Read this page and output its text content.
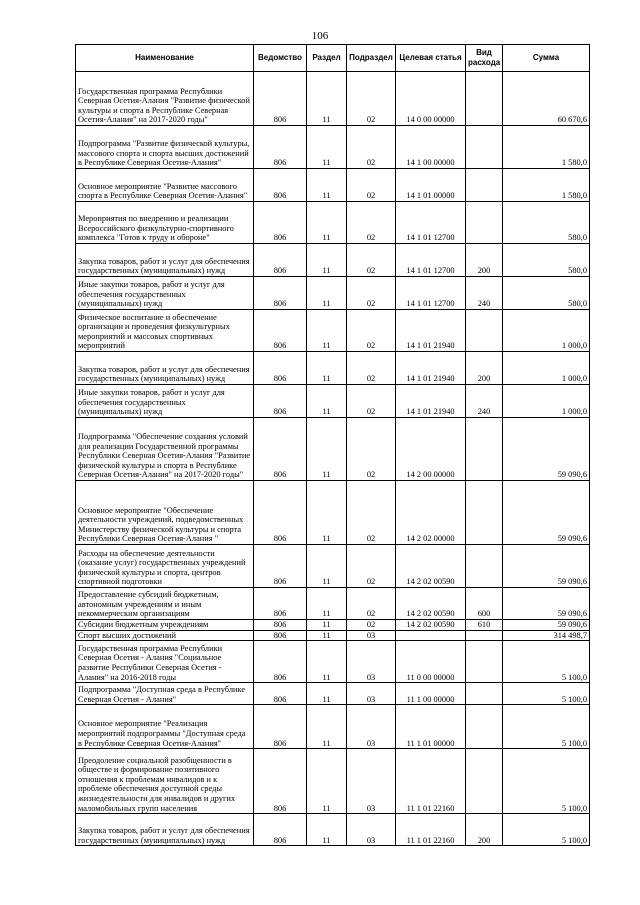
106
Наименование	Ведомство	Раздел	Подраздел	Целевая статья	Вид расхода	Сумма
Государственная программа Республики Северная Осетия-Алания "Развитие физической культуры и спорта в Республике Северная Осетия-Алания" на 2017-2020 годы"	806	11	02	14 0 00 00000		60 670,6
Подпрограмма "Развитие физической культуры, массового спорта и спорта высших достижений в Республике Северная Осетия-Алания"	806	11	02	14 1 00 00000		1 580,0
Основное мероприятие "Развитие массового спорта в Республике Северная Осетия-Алания"	806	11	02	14 1 01 00000		1 580,0
Мероприятия по внедрению и реализации Всероссийского физкультурно-спортивного комплекса "Готов к труду и обороне"	806	11	02	14 1 01 12700		580,0
Закупка товаров, работ и услуг для обеспечения государственных (муниципальных) нужд	806	11	02	14 1 01 12700	200	580,0
Иные закупки товаров, работ и услуг для обеспечения государственных (муниципальных) нужд	806	11	02	14 1 01 12700	240	580,0
Физическое воспитание и обеспечение организации и проведения физкультурных мероприятий и массовых спортивных мероприятий	806	11	02	14 1 01 21940		1 000,0
Закупка товаров, работ и услуг для обеспечения государственных (муниципальных) нужд	806	11	02	14 1 01 21940	200	1 000,0
Иные закупки товаров, работ и услуг для обеспечения государственных (муниципальных) нужд	806	11	02	14 1 01 21940	240	1 000,0
Подпрограмма "Обеспечение создания условий для реализации Государственной программы Республики Северная Осетия-Алания "Развитие физической культуры и спорта в Республике Северная Осетия-Алания" на 2017-2020 годы"	806	11	02	14 2 00 00000		59 090,6
Основное мероприятие "Обеспечение деятельности учреждений, подведомственных Министерству физической культуры и спорта Республики Северная Осетия-Алания "	806	11	02	14 2 02 00000		59 090,6
Расходы на обеспечение деятельности (оказание услуг) государственных учреждений физической культуры и спорта, центров спортивной подготовки	806	11	02	14 2 02 00590		59 090,6
Предоставление субсидий бюджетным, автономным учреждениям и иным некоммерческим организациям	806	11	02	14 2 02 00590	600	59 090,6
Субсидии бюджетным учреждениям	806	11	02	14 2 02 00590	610	59 090,6
Спорт высших достижений	806	11	03			314 498,7
Государственная программа Республики Северная Осетия - Алания "Социальное развитие Республики Северная Осетия - Алания" на 2016-2018 годы	806	11	03	11 0 00 00000		5 100,0
Подпрограмма "Доступная среда в Республике Северная Осетия - Алания"	806	11	03	11 1 00 00000		5 100,0
Основное мероприятие "Реализация мероприятий подпрограммы "Доступная среда в Республике Северная Осетия-Алания"	806	11	03	11 1 01 00000		5 100,0
Преодоление социальной разобщенности в обществе и формирование позитивного отношения к проблемам инвалидов и к проблеме обеспечения доступной среды жизнедеятельности для инвалидов и других маломобильных групп населения	806	11	03	11 1 01 22160		5 100,0
Закупка товаров, работ и услуг для обеспечения государственных (муниципальных) нужд	806	11	03	11 1 01 22160	200	5 100,0
